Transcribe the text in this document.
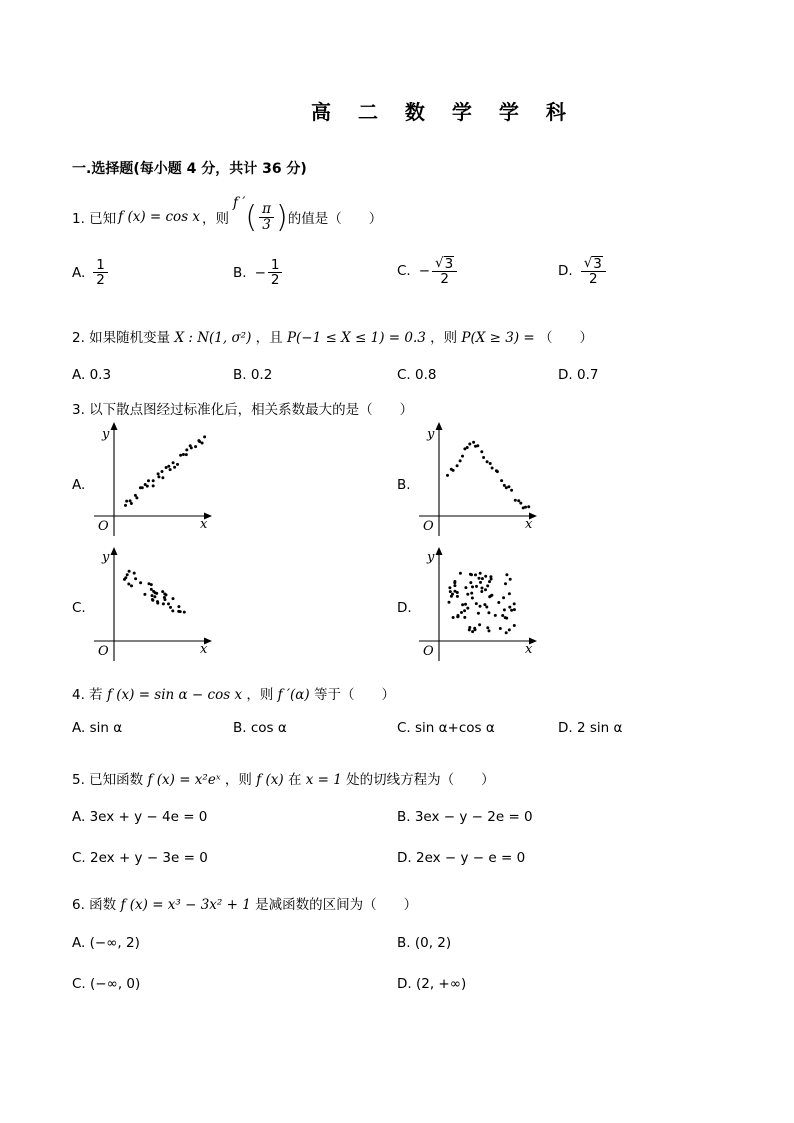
高 二 数 学 学 科
一.选择题(每小题 4 分，共计 36 分)
1. 已知 f (x) = cos x ，则
f ′ ( $\frac{\pi}{3}$ ) 的值是（　　）
A. $\frac{1}{2}$	B. − $\frac{1}{2}$	C. − $\frac{√ 3}{2}$	D. $\frac{√ 3}{2}$
2. 如果随机变量 X : N(1, σ²) ，且 P(−1 ≤ X ≤ 1) = 0.3 ，则 P(X ≥ 3) = （　　）
A. 0.3	B. 0.2	C. 0.8	D. 0.7
3. 以下散点图经过标准化后，相关系数最大的是（　　）
A.	B.
C.	D.
y
x
O
y
x
O
y
x
O
y
x
O
4. 若 f (x) = sin α − cos x ，则 f ′(α) 等于（　　）
A. sin α	B. cos α	C. sin α+cos α	D. 2 sin α
5. 已知函数 f (x) = x²eˣ ，则 f (x) 在 x = 1 处的切线方程为（　　）
A. 3ex + y − 4e = 0	B. 3ex − y − 2e = 0
C. 2ex + y − 3e = 0	D. 2ex − y − e = 0
6. 函数 f (x) = x³ − 3x² + 1 是减函数的区间为（　　）
A. (−∞, 2)	B. (0, 2)
C. (−∞, 0)	D. (2, +∞)
